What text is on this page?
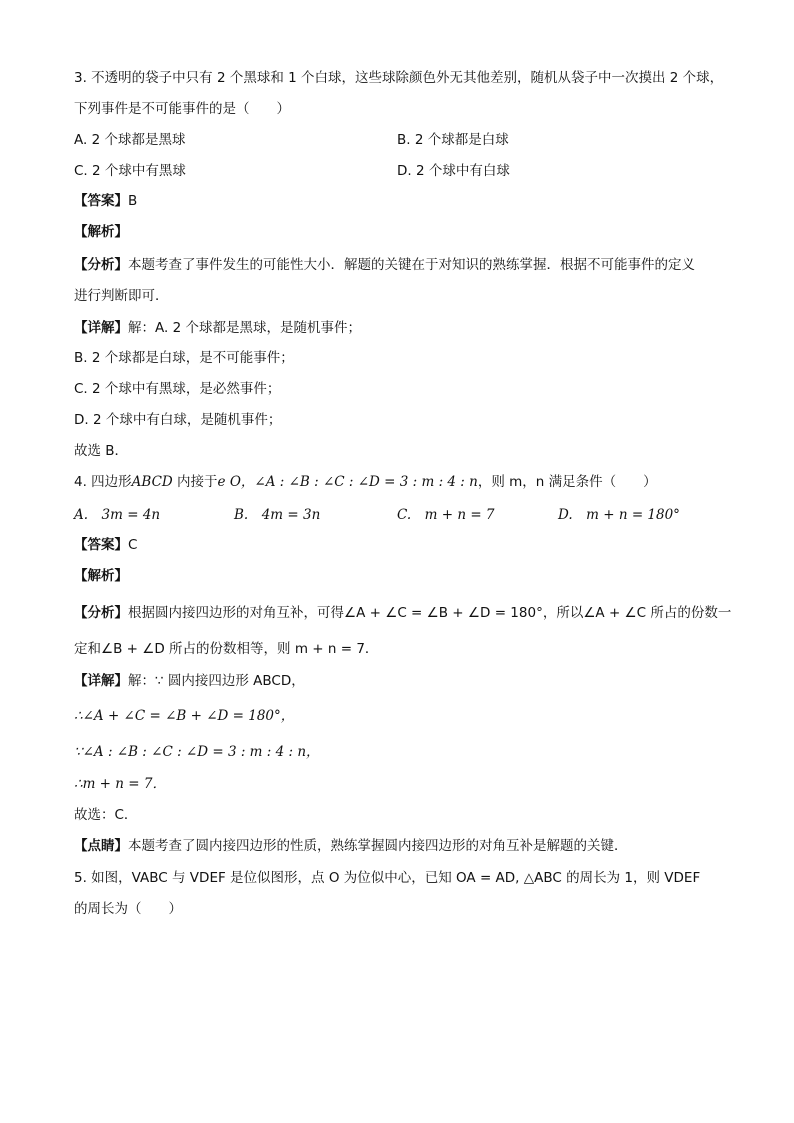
3. 不透明的袋子中只有 2 个黑球和 1 个白球，这些球除颜色外无其他差别，随机从袋子中一次摸出 2 个球，
下列事件是不可能事件的是（　　）
A. 2 个球都是黑球	B. 2 个球都是白球
C. 2 个球中有黑球	D. 2 个球中有白球
【答案】B
【解析】
【分析】本题考查了事件发生的可能性大小．解题的关键在于对知识的熟练掌握．根据不可能事件的定义
进行判断即可．
【详解】解：A. 2 个球都是黑球，是随机事件；
B. 2 个球都是白球，是不可能事件；
C. 2 个球中有黑球，是必然事件；
D. 2 个球中有白球，是随机事件；
故选 B．
4. 四边形ABCD 内接于e O，∠A : ∠B : ∠C : ∠D = 3 : m : 4 : n，则 m，n 满足条件（　　）
A.　3m = 4n	B.　4m = 3n	C.　m + n = 7	D.　m + n = 180°
【答案】C
【解析】
【分析】根据圆内接四边形的对角互补，可得∠A + ∠C = ∠B + ∠D = 180°，所以∠A + ∠C 所占的份数一
定和∠B + ∠D 所占的份数相等，则 m + n = 7．
【详解】解：∵ 圆内接四边形 ABCD，
∴∠A + ∠C = ∠B + ∠D = 180°，
∵∠A : ∠B : ∠C : ∠D = 3 : m : 4 : n，
∴m + n = 7．
故选：C．
【点睛】本题考查了圆内接四边形的性质，熟练掌握圆内接四边形的对角互补是解题的关键．
5. 如图，VABC 与 VDEF 是位似图形，点 O 为位似中心，已知 OA = AD, △ABC 的周长为 1，则 VDEF
的周长为（　　）
